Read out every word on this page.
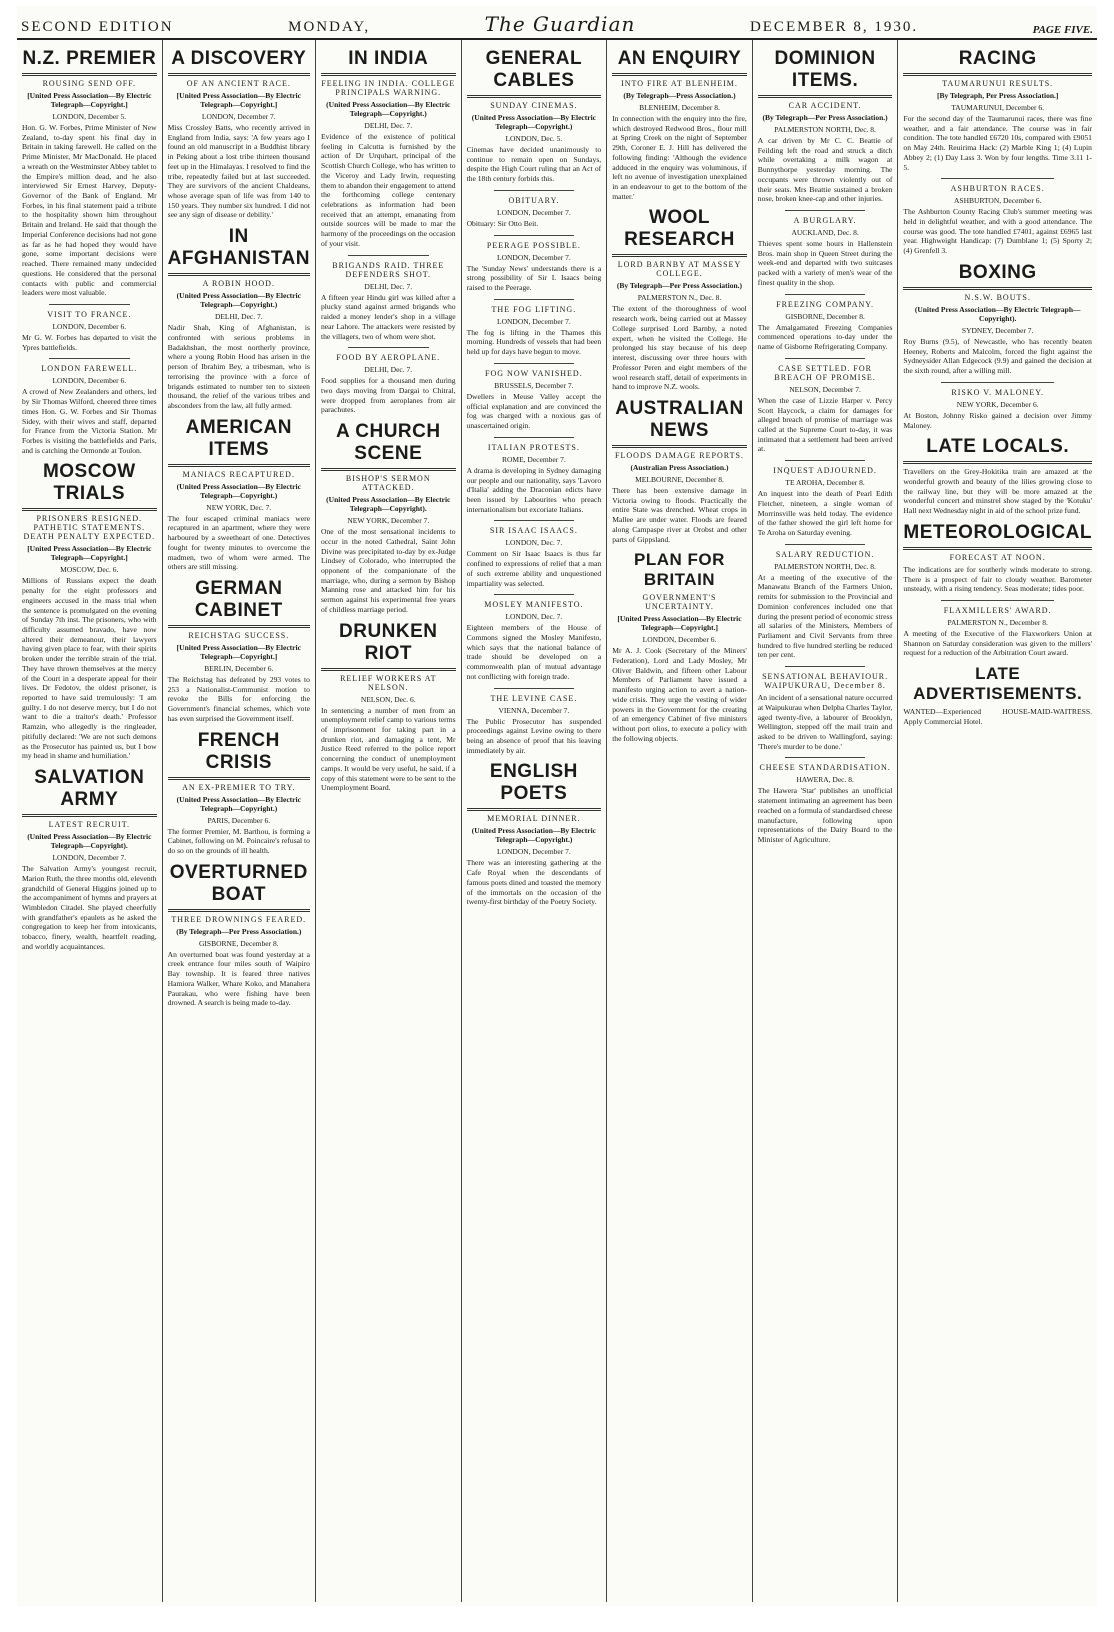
SECOND EDITION	MONDAY,	The Guardian	DECEMBER 8, 1930.	PAGE FIVE.
N.Z. PREMIER
ROUSING SEND OFF.
[United Press Association—By Electric Telegraph—Copyright.]
LONDON, December 5.
Hon. G. W. Forbes, Prime Minister of New Zealand, to-day spent his final day in Britain in taking farewell. He called on the Prime Minister, Mr MacDonald. He placed a wreath on the Westminster Abbey tablet to the Empire's million dead, and he also interviewed Sir Ernest Harvey, Deputy-Governor of the Bank of England. Mr Forbes, in his final statement paid a tribute to the hospitality shown him throughout Britain and Ireland. He said that though the Imperial Conference decisions had not gone as far as he had hoped they would have gone, some important decisions were reached. There remained many undecided questions. He considered that the personal contacts with public and commercial leaders were most valuable.
VISIT TO FRANCE.
LONDON, December 6.
Mr G. W. Forbes has departed to visit the Ypres battlefields.
LONDON FAREWELL.
LONDON, December 6.
A crowd of New Zealanders and others, led by Sir Thomas Wilford, cheered three times times Hon. G. W. Forbes and Sir Thomas Sidey, with their wives and staff, departed for France from the Victoria Station. Mr Forbes is visiting the battlefields and Paris, and is catching the Ormonde at Toulon.
MOSCOW TRIALS
PRISONERS RESIGNED. PATHETIC STATEMENTS. DEATH PENALTY EXPECTED.
[United Press Association—By Electric Telegraph—Copyright.]
MOSCOW, Dec. 6.
Millions of Russians expect the death penalty for the eight professors and engineers accused in the mass trial when the sentence is promulgated on the evening of Sunday 7th inst. The prisoners, who with difficulty assumed bravado, have now altered their demeanour, their lawyers having given place to fear, with their spirits broken under the terrible strain of the trial. They have thrown themselves at the mercy of the Court in a desperate appeal for their lives. Dr Fedotov, the oldest prisoner, is reported to have said tremulously: 'I am guilty. I do not deserve mercy, but I do not want to die a traitor's death.' Professor Ramzin, who allegedly is the ringleader, pitifully declared: 'We are not such demons as the Prosecutor has painted us, but I bow my head in shame and humiliation.'
SALVATION ARMY
LATEST RECRUIT.
(United Press Association—By Electric Telegraph—Copyright).
LONDON, December 7.
The Salvation Army's youngest recruit, Marion Ruth, the three months old, eleventh grandchild of General Higgins joined up to the accompaniment of hymns and prayers at Wimbledon Citadel. She played cheerfully with grandfather's epaulets as he asked the congregation to keep her from intoxicants, tobacco, finery, wealth, heartfelt reading, and worldly acquaintances.
A DISCOVERY
OF AN ANCIENT RACE.
[United Press Association—By Electric Telegraph—Copyright.]
LONDON, December 7.
Miss Crossley Batts, who recently arrived in England from India, says: 'A few years ago I found an old manuscript in a Buddhist library in Peking about a lost tribe thirteen thousand feet up in the Himalayas. I resolved to find the tribe, repeatedly failed but at last succeeded. They are survivors of the ancient Chaldeans, whose average span of life was from 140 to 150 years. They number six hundred. I did not see any sign of disease or debility.'
IN AFGHANISTAN
A ROBIN HOOD.
(United Press Association—By Electric Telegraph—Copyright.)
DELHI, Dec. 7.
Nadir Shah, King of Afghanistan, is confronted with serious problems in Badakhshan, the most northerly province, where a young Robin Hood has arisen in the person of Ibrahim Bey, a tribesman, who is terrorising the province with a force of brigands estimated to number ten to sixteen thousand, the relief of the various tribes and absconders from the law, all fully armed.
AMERICAN ITEMS
MANIACS RECAPTURED.
(United Press Association—By Electric Telegraph—Copyright.)
NEW YORK, Dec. 7.
The four escaped criminal maniacs were recaptured in an apartment, where they were harboured by a sweetheart of one. Detectives fought for twenty minutes to overcome the madmen, two of whom were armed. The others are still missing.
GERMAN CABINET
REICHSTAG SUCCESS.
[United Press Association—By Electric Telegraph—Copyright.]
BERLIN, December 6.
The Reichstag has defeated by 293 votes to 253 a Nationalist-Communist motion to revoke the Bills for enforcing the Government's financial schemes, which vote has even surprised the Government itself.
FRENCH CRISIS
AN EX-PREMIER TO TRY.
(United Press Association—By Electric Telegraph—Copyright.)
PARIS, December 6.
The former Premier, M. Barthou, is forming a Cabinet, following on M. Poincaire's refusal to do so on the grounds of ill health.
OVERTURNED BOAT
THREE DROWNINGS FEARED.
(By Telegraph—Per Press Association.)
GISBORNE, December 8.
An overturned boat was found yesterday at a creek entrance four miles south of Waipiro Bay township. It is feared three natives Hamiora Walker, Whare Koko, and Manahera Paurakau, who were fishing have been drowned. A search is being made to-day.
IN INDIA
FEELING IN INDIA. COLLEGE PRINCIPALS WARNING.
(United Press Association—By Electric Telegraph—Copyright.)
DELHI, Dec. 7.
Evidence of the existence of political feeling in Calcutta is furnished by the action of Dr Urquhart, principal of the Scottish Church College, who has written to the Viceroy and Lady Irwin, requesting them to abandon their engagement to attend the forthcoming college centenary celebrations as information had been received that an attempt, emanating from outside sources will be made to mar the harmony of the proceedings on the occasion of your visit.
BRIGANDS RAID. THREE DEFENDERS SHOT.
DELHI, Dec. 7.
A fifteen year Hindu girl was killed after a plucky stand against armed brigands who raided a money lender's shop in a village near Lahore. The attackers were resisted by the villagers, two of whom were shot.
FOOD BY AEROPLANE.
DELHI, Dec. 7.
Food supplies for a thousand men during two days moving from Dargai to Chitral, were dropped from aeroplanes from air parachutes.
A CHURCH SCENE
BISHOP'S SERMON ATTACKED.
(United Press Association—By Electric Telegraph—Copyright).
NEW YORK, December 7.
One of the most sensational incidents to occur in the noted Cathedral, Saint John Divine was precipitated to-day by ex-Judge Lindsey of Colorado, who interrupted the opponent of the companionate of the marriage, who, during a sermon by Bishop Manning rose and attacked him for his sermon against his experimental free years of childless marriage period.
DRUNKEN RIOT
RELIEF WORKERS AT NELSON.
NELSON, Dec. 6.
In sentencing a number of men from an unemployment relief camp to various terms of imprisonment for taking part in a drunken riot, and damaging a tent, Mr Justice Reed referred to the police report concerning the conduct of unemployment camps. It would be very useful, he said, if a copy of this statement were to be sent to the Unemployment Board.
GENERAL CABLES
SUNDAY CINEMAS.
(United Press Association—By Electric Telegraph—Copyright.)
LONDON, Dec. 5.
Cinemas have decided unanimously to continue to remain open on Sundays, despite the High Court ruling that an Act of the 18th century forbids this.
OBITUARY.
LONDON, December 7.
Obituary: Sir Otto Beit.
PEERAGE POSSIBLE.
LONDON, December 7.
The 'Sunday News' understands there is a strong possibility of Sir I. Isaacs being raised to the Peerage.
THE FOG LIFTING.
LONDON, December 7.
The fog is lifting in the Thames this morning. Hundreds of vessels that had been held up for days have begun to move.
FOG NOW VANISHED.
BRUSSELS, December 7.
Dwellers in Meuse Valley accept the official explanation and are convinced the fog was charged with a noxious gas of unascertained origin.
ITALIAN PROTESTS.
ROME, December 7.
A drama is developing in Sydney damaging our people and our nationality, says 'Lavoro d'Italia' adding the Draconian edicts have been issued by Labourites who preach internationalism but excoriate Italians.
SIR ISAAC ISAACS.
LONDON, Dec. 7.
Comment on Sir Isaac Isaacs is thus far confined to expressions of relief that a man of such extreme ability and unquestioned impartiality was selected.
MOSLEY MANIFESTO.
LONDON, Dec. 7.
Eighteen members of the House of Commons signed the Mosley Manifesto, which says that the national balance of trade should be developed on a commonwealth plan of mutual advantage not conflicting with foreign trade.
THE LEVINE CASE.
VIENNA, December 7.
The Public Prosecutor has suspended proceedings against Levine owing to there being an absence of proof that his leaving immediately by air.
ENGLISH POETS
MEMORIAL DINNER.
(United Press Association—By Electric Telegraph—Copyright.)
LONDON, December 7.
There was an interesting gathering at the Cafe Royal when the descendants of famous poets dined and toasted the memory of the immortals on the occasion of the twenty-first birthday of the Poetry Society.
AN ENQUIRY
INTO FIRE AT BLENHEIM.
(By Telegraph—Press Association.)
BLENHEIM, December 8.
In connection with the enquiry into the fire, which destroyed Redwood Bros., flour mill at Spring Creek on the night of September 29th, Coroner E. J. Hill has delivered the following finding: 'Although the evidence adduced in the enquiry was voluminous, if left no avenue of investigation unexplained in an endeavour to get to the bottom of the matter.'
WOOL RESEARCH
LORD BARNBY AT MASSEY COLLEGE.
(By Telegraph—Per Press Association.)
PALMERSTON N., Dec. 8.
The extent of the thoroughness of wool research work, being carried out at Massey College surprised Lord Barnby, a noted expert, when he visited the College. He prolonged his stay because of his deep interest, discussing over three hours with Professor Peren and eight members of the wool research staff, detail of experiments in hand to improve N.Z. wools.
AUSTRALIAN NEWS
FLOODS DAMAGE REPORTS.
(Australian Press Association.)
MELBOURNE, December 8.
There has been extensive damage in Victoria owing to floods. Practically the entire State was drenched. Wheat crops in Mallee are under water. Floods are feared along Campaspe river at Orobst and other parts of Gippsland.
PLAN FOR BRITAIN
GOVERNMENT'S UNCERTAINTY.
[United Press Association—By Electric Telegraph—Copyright.]
LONDON, December 6.
Mr A. J. Cook (Secretary of the Miners' Federation), Lord and Lady Mosley, Mr Oliver Baldwin, and fifteen other Labour Members of Parliament have issued a manifesto urging action to avert a nation-wide crisis. They urge the vesting of wider powers in the Government for the creating of an emergency Cabinet of five ministers without port olios, to execute a policy with the following objects.
DOMINION ITEMS.
CAR ACCIDENT.
(By Telegraph—Per Press Association.)
PALMERSTON NORTH, Dec. 8.
A car driven by Mr C. C. Beattie of Feilding left the road and struck a ditch while overtaking a milk wagon at Bunnythorpe yesterday morning. The occupants were thrown violently out of their seats. Mrs Beattie sustained a broken nose, broken knee-cap and other injuries.
A BURGLARY.
AUCKLAND, Dec. 8.
Thieves spent some hours in Hallenstein Bros. main shop in Queen Street during the week-end and departed with two suitcases packed with a variety of men's wear of the finest quality in the shop.
FREEZING COMPANY.
GISBORNE, December 8.
The Amalgamated Freezing Companies commenced operations to-day under the name of Gisborne Refrigerating Company.
CASE SETTLED. FOR BREACH OF PROMISE.
NELSON, December 7.
When the case of Lizzie Harper v. Percy Scott Haycock, a claim for damages for alleged breach of promise of marriage was called at the Supreme Court to-day, it was intimated that a settlement had been arrived at.
INQUEST ADJOURNED.
TE AROHA, December 8.
An inquest into the death of Pearl Edith Fletcher, nineteen, a single woman of Morrinsville was held today. The evidence of the father showed the girl left home for Te Aroha on Saturday evening.
SALARY REDUCTION.
PALMERSTON NORTH, Dec. 8.
At a meeting of the executive of the Manawatu Branch of the Farmers Union, remits for submission to the Provincial and Dominion conferences included one that during the present period of economic stress all salaries of the Ministers, Members of Parliament and Civil Servants from three hundred to five hundred sterling be reduced ten per cent.
SENSATIONAL BEHAVIOUR. WAIPUKURAU, December 8.
An incident of a sensational nature occurred at Waipukurau when Delpha Charles Taylor, aged twenty-five, a labourer of Brooklyn, Wellington, stepped off the mail train and asked to be driven to Wallingford, saying: 'There's murder to be done.'
CHEESE STANDARDISATION.
HAWERA, Dec. 8.
The Hawera 'Star' publishes an unofficial statement intimating an agreement has been reached on a formula of standardised cheese manufacture, following upon representations of the Dairy Board to the Minister of Agriculture.
RACING
TAUMARUNUI RESULTS.
[By Telegraph, Per Press Association.]
TAUMARUNUI, December 6.
For the second day of the Taumarunui races, there was fine weather, and a fair attendance. The course was in fair condition. The tote handled £6720 10s, compared with £9051 on May 24th. Reuirima Hack: (2) Marble King 1; (4) Lupin Abbey 2; (1) Day Lass 3. Won by four lengths. Time 3.11 1-5.
ASHBURTON RACES.
ASHBURTON, December 6.
The Ashburton County Racing Club's summer meeting was held in delightful weather, and with a good attendance. The course was good. The tote handled £7401, against £6965 last year. Highweight Handicap: (7) Dumblane 1; (5) Sporty 2; (4) Grenfell 3.
BOXING
N.S.W. BOUTS.
(United Press Association—By Electric Telegraph—Copyright).
SYDNEY, December 7.
Roy Burns (9.5), of Newcastle, who has recently beaten Heeney, Roberts and Malcolm, forced the fight against the Sydneysider Allan Edgecock (9.9) and gained the decision at the sixth round, after a willing mill.
RISKO V. MALONEY.
NEW YORK, December 6.
At Boston, Johnny Risko gained a decision over Jimmy Maloney.
LATE LOCALS.
Travellers on the Grey-Hokitika train are amazed at the wonderful growth and beauty of the lilies growing close to the railway line, but they will be more amazed at the wonderful concert and minstrel show staged by the 'Kotuku' Hall next Wednesday night in aid of the school prize fund.
METEOROLOGICAL
FORECAST AT NOON.
The indications are for southerly winds moderate to strong. There is a prospect of fair to cloudy weather. Barometer unsteady, with a rising tendency. Seas moderate; tides poor.
FLAXMILLERS' AWARD.
PALMERSTON N., December 8.
A meeting of the Executive of the Flaxworkers Union at Shannon on Saturday consideration was given to the millers' request for a reduction of the Arbitration Court award.
LATE ADVERTISEMENTS.
WANTED—Experienced HOUSE-MAID-WAITRESS. Apply Commercial Hotel.
